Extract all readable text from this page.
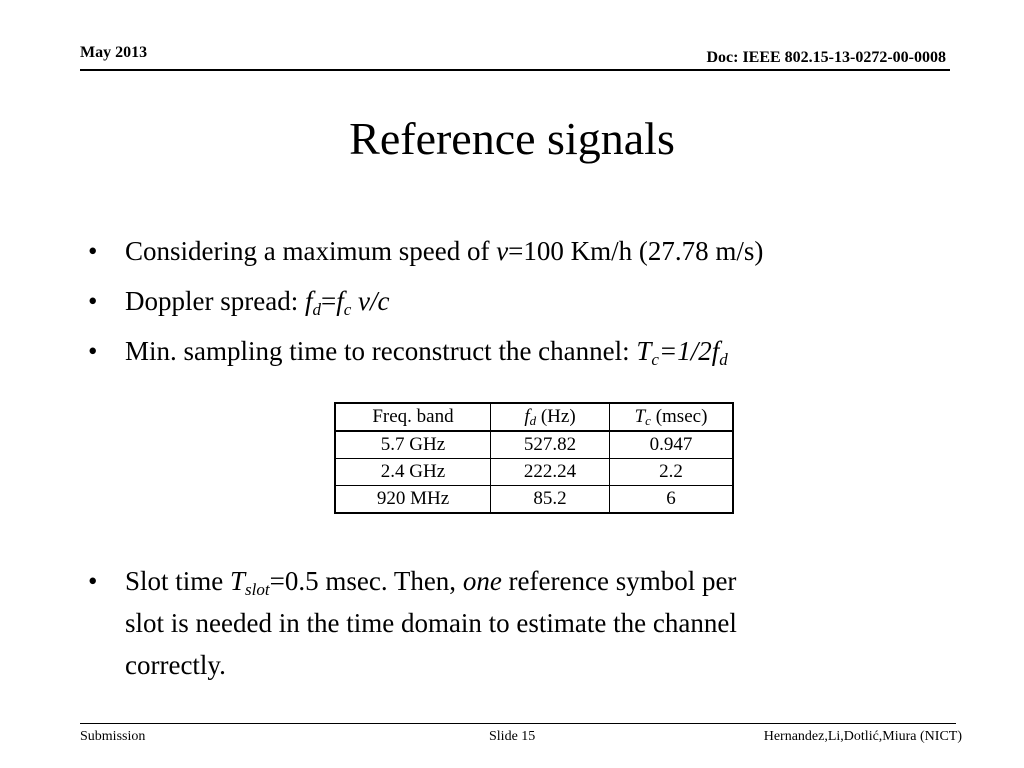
May 2013	Doc: IEEE 802.15-13-0272-00-0008
Reference signals
• Considering a maximum speed of v=100 Km/h (27.78 m/s)
• Doppler spread: $f_d=f_c$ v/c
• Min. sampling time to reconstruct the channel: $T_c=1/2f_d$
Freq. band	$f_d$ (Hz)	$T_c$ (msec)
5.7 GHz	527.82	0.947
2.4 GHz	222.24	2.2
920 MHz	85.2	6
• Slot time $T_{slot}=0.5$ msec. Then, one reference symbol per
slot is needed in the time domain to estimate the channel
correctly.
Submission	Slide 15	Hernandez,Li,Dotlić,Miura (NICT)
